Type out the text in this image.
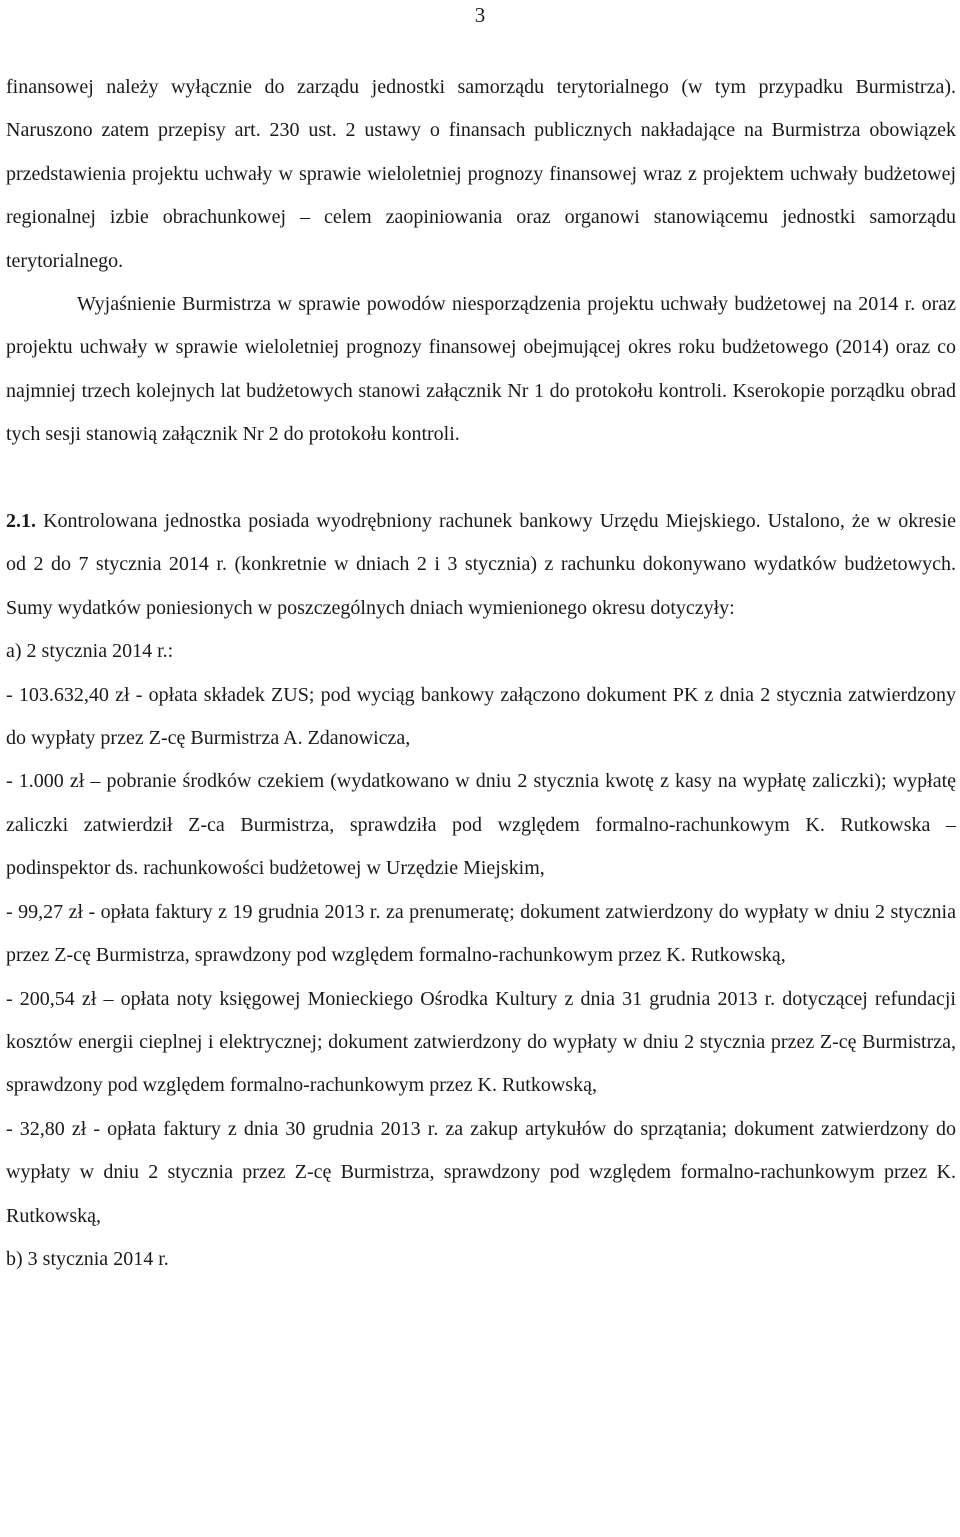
3

finansowej należy wyłącznie do zarządu jednostki samorządu terytorialnego (w tym przypadku Burmistrza). Naruszono zatem przepisy art. 230 ust. 2 ustawy o finansach publicznych nakładające na Burmistrza obowiązek przedstawienia projektu uchwały w sprawie wieloletniej prognozy finansowej wraz z projektem uchwały budżetowej regionalnej izbie obrachunkowej – celem zaopiniowania oraz organowi stanowiącemu jednostki samorządu terytorialnego.

Wyjaśnienie Burmistrza w sprawie powodów niesporządzenia projektu uchwały budżetowej na 2014 r. oraz projektu uchwały w sprawie wieloletniej prognozy finansowej obejmującej okres roku budżetowego (2014) oraz co najmniej trzech kolejnych lat budżetowych stanowi załącznik Nr 1 do protokołu kontroli. Kserokopie porządku obrad tych sesji stanowią załącznik Nr 2 do protokołu kontroli.

2.1. Kontrolowana jednostka posiada wyodrębniony rachunek bankowy Urzędu Miejskiego. Ustalono, że w okresie od 2 do 7 stycznia 2014 r. (konkretnie w dniach 2 i 3 stycznia) z rachunku dokonywano wydatków budżetowych. Sumy wydatków poniesionych w poszczególnych dniach wymienionego okresu dotyczyły:

a) 2 stycznia 2014 r.:

- 103.632,40 zł - opłata składek ZUS; pod wyciąg bankowy załączono dokument PK z dnia 2 stycznia zatwierdzony do wypłaty przez Z-cę Burmistrza A. Zdanowicza,

- 1.000 zł – pobranie środków czekiem (wydatkowano w dniu 2 stycznia kwotę z kasy na wypłatę zaliczki); wypłatę zaliczki zatwierdził Z-ca Burmistrza, sprawdziła pod względem formalno-rachunkowym K. Rutkowska – podinspektor ds. rachunkowości budżetowej w Urzędzie Miejskim,

- 99,27 zł - opłata faktury z 19 grudnia 2013 r. za prenumeratę; dokument zatwierdzony do wypłaty w dniu 2 stycznia przez Z-cę Burmistrza, sprawdzony pod względem formalno-rachunkowym przez K. Rutkowską,

- 200,54 zł – opłata noty księgowej Monieckiego Ośrodka Kultury z dnia 31 grudnia 2013 r. dotyczącej refundacji kosztów energii cieplnej i elektrycznej; dokument zatwierdzony do wypłaty w dniu 2 stycznia przez Z-cę Burmistrza, sprawdzony pod względem formalno-rachunkowym przez K. Rutkowską,

- 32,80 zł - opłata faktury z dnia 30 grudnia 2013 r. za zakup artykułów do sprzątania; dokument zatwierdzony do wypłaty w dniu 2 stycznia przez Z-cę Burmistrza, sprawdzony pod względem formalno-rachunkowym przez K. Rutkowską,

b) 3 stycznia 2014 r.
